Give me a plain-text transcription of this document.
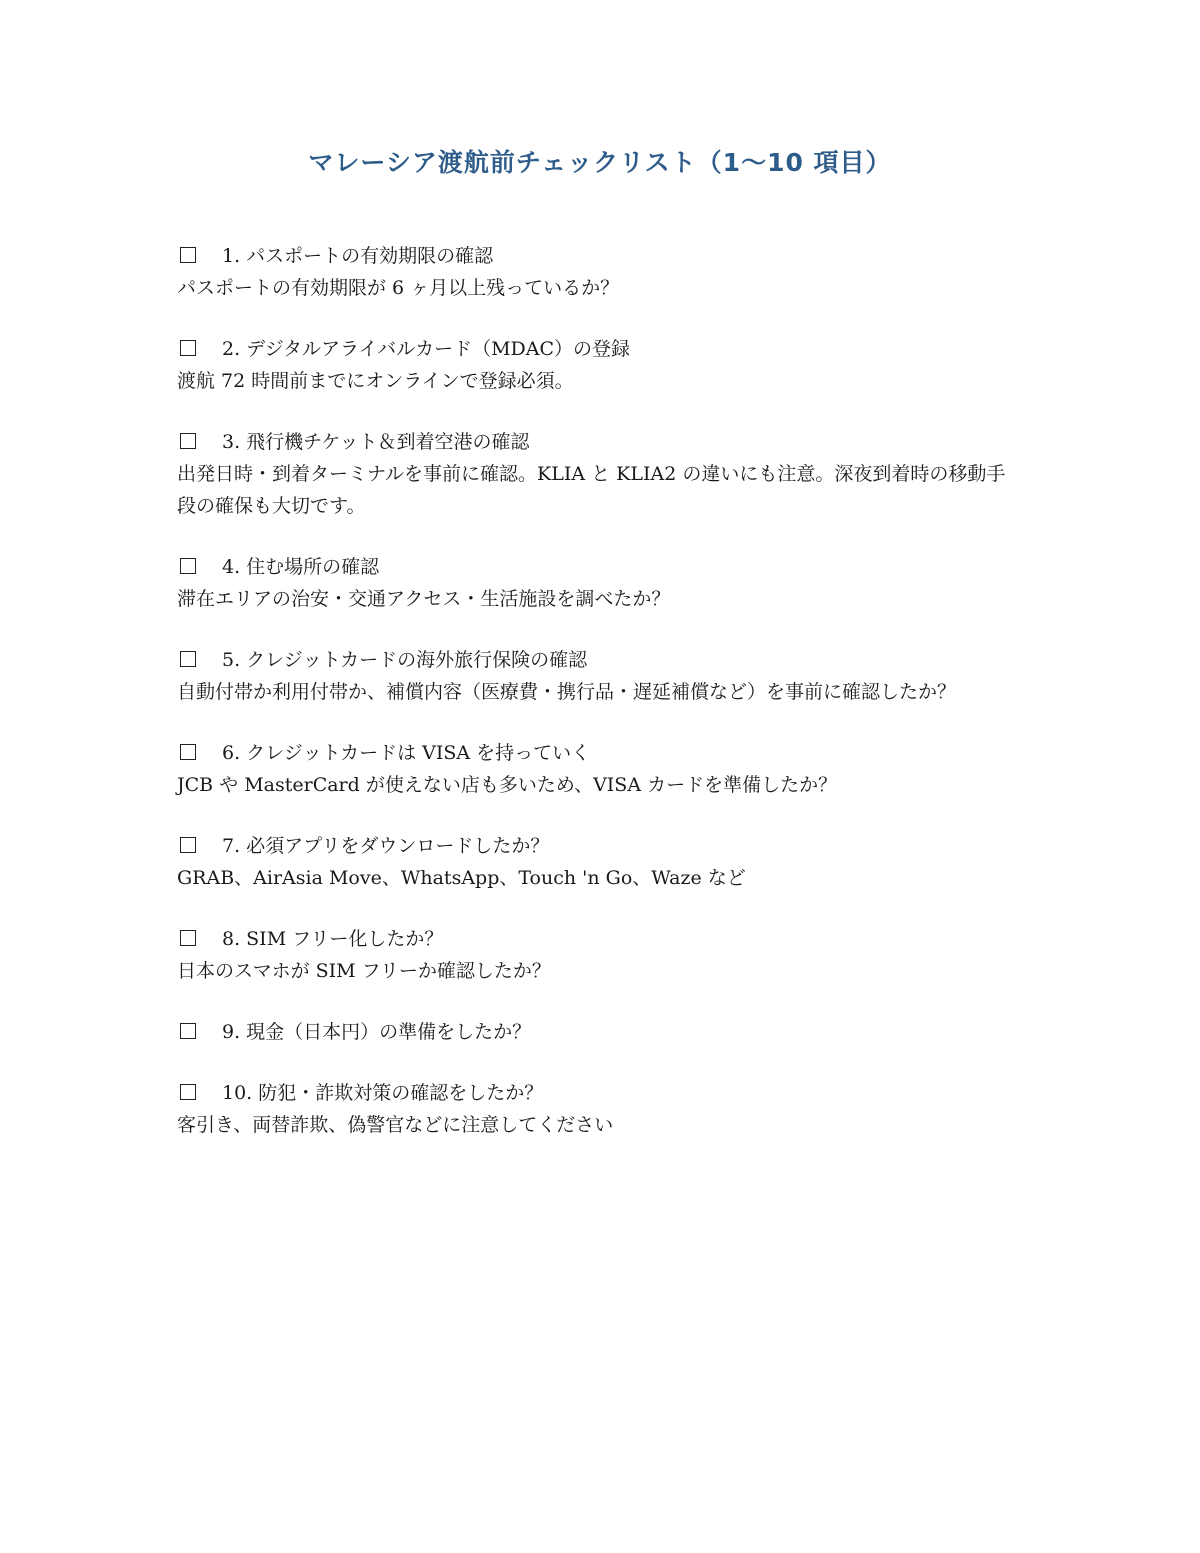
マレーシア渡航前チェックリスト（1〜10 項目）
1. パスポートの有効期限の確認
パスポートの有効期限が 6 ヶ月以上残っているか？
2. デジタルアライバルカード（MDAC）の登録
渡航 72 時間前までにオンラインで登録必須。
3. 飛行機チケット＆到着空港の確認
出発日時・到着ターミナルを事前に確認。KLIA と KLIA2 の違いにも注意。深夜到着時の移動手段の確保も大切です。
4. 住む場所の確認
滞在エリアの治安・交通アクセス・生活施設を調べたか？
5. クレジットカードの海外旅行保険の確認
自動付帯か利用付帯か、補償内容（医療費・携行品・遅延補償など）を事前に確認したか？
6. クレジットカードは VISA を持っていく
JCB や MasterCard が使えない店も多いため、VISA カードを準備したか？
7. 必須アプリをダウンロードしたか？
GRAB、AirAsia Move、WhatsApp、Touch 'n Go、Waze など
8. SIM フリー化したか？
日本のスマホが SIM フリーか確認したか？
9. 現金（日本円）の準備をしたか？
10. 防犯・詐欺対策の確認をしたか？
客引き、両替詐欺、偽警官などに注意してください
